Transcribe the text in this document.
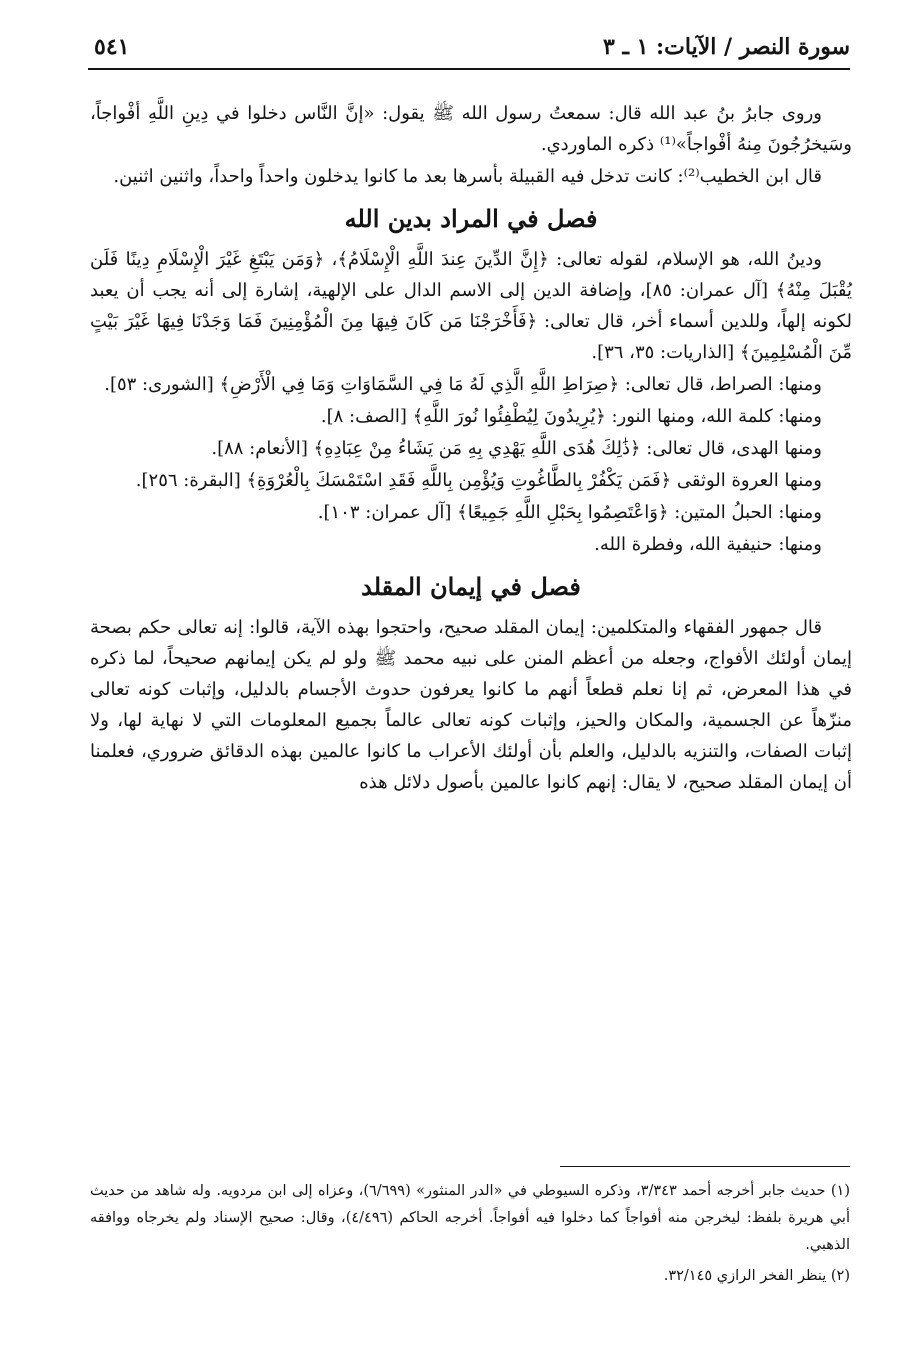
سورة النصر / الآيات: ١ ـ ٣
٥٤١

وروى جابرُ بنُ عبد الله قال: سمعتُ رسول الله ﷺ يقول: «إنَّ النَّاس دخلوا في دِينِ اللَّهِ أفْواجاً، وسَيخرُجُونَ مِنهُ أفْواجاً»⁽¹⁾ ذكره الماوردي.

قال ابن الخطيب⁽²⁾: كانت تدخل فيه القبيلة بأسرها بعد ما كانوا يدخلون واحداً واحداً، واثنين اثنين.

فصل في المراد بدين الله

ودينُ الله، هو الإسلام، لقوله تعالى: ﴿إِنَّ الدِّينَ عِندَ اللَّهِ الْإِسْلَامُ﴾، ﴿وَمَن يَبْتَغِ غَيْرَ الْإِسْلَامِ دِينًا فَلَن يُقْبَلَ مِنْهُ﴾ [آل عمران: ٨٥]، وإضافة الدين إلى الاسم الدال على الإلهية، إشارة إلى أنه يجب أن يعبد لكونه إلهاً، وللدين أسماء أخر، قال تعالى: ﴿فَأَخْرَجْنَا مَن كَانَ فِيهَا مِنَ الْمُؤْمِنِينَ فَمَا وَجَدْنَا فِيهَا غَيْرَ بَيْتٍ مِّنَ الْمُسْلِمِينَ﴾ [الذاريات: ٣٥، ٣٦].

ومنها: الصراط، قال تعالى: ﴿صِرَاطِ اللَّهِ الَّذِي لَهُ مَا فِي السَّمَاوَاتِ وَمَا فِي الْأَرْضِ﴾ [الشورى: ٥٣].

ومنها: كلمة الله، ومنها النور: ﴿يُرِيدُونَ لِيُطْفِئُوا نُورَ اللَّهِ﴾ [الصف: ٨].

ومنها الهدى، قال تعالى: ﴿ذَٰلِكَ هُدَى اللَّهِ يَهْدِي بِهِ مَن يَشَاءُ مِنْ عِبَادِهِ﴾ [الأنعام: ٨٨].

ومنها العروة الوثقى ﴿فَمَن يَكْفُرْ بِالطَّاغُوتِ وَيُؤْمِن بِاللَّهِ فَقَدِ اسْتَمْسَكَ بِالْعُرْوَةِ﴾ [البقرة: ٢٥٦].

ومنها: الحبلُ المتين: ﴿وَاعْتَصِمُوا بِحَبْلِ اللَّهِ جَمِيعًا﴾ [آل عمران: ١٠٣].

ومنها: حنيفية الله، وفطرة الله.

فصل في إيمان المقلد

قال جمهور الفقهاء والمتكلمين: إيمان المقلد صحيح، واحتجوا بهذه الآية، قالوا: إنه تعالى حكم بصحة إيمان أولئك الأفواج، وجعله من أعظم المنن على نبيه محمد ﷺ ولو لم يكن إيمانهم صحيحاً، لما ذكره في هذا المعرض، ثم إنا نعلم قطعاً أنهم ما كانوا يعرفون حدوث الأجسام بالدليل، وإثبات كونه تعالى منزّهاً عن الجسمية، والمكان والحيز، وإثبات كونه تعالى عالماً بجميع المعلومات التي لا نهاية لها، ولا إثبات الصفات، والتنزيه بالدليل، والعلم بأن أولئك الأعراب ما كانوا عالمين بهذه الدقائق ضروري، فعلمنا أن إيمان المقلد صحيح، لا يقال: إنهم كانوا عالمين بأصول دلائل هذه

(١) حديث جابر أخرجه أحمد ٣/٣٤٣، وذكره السيوطي في «الدر المنثور» (٦/٦٩٩)، وعزاه إلى ابن مردويه. وله شاهد من حديث أبي هريرة بلفظ: ليخرجن منه أفواجاً كما دخلوا فيه أفواجاً. أخرجه الحاكم (٤/٤٩٦)، وقال: صحيح الإسناد ولم يخرجاه ووافقه الذهبي.

(٢) ينظر الفخر الرازي ٣٢/١٤٥.
